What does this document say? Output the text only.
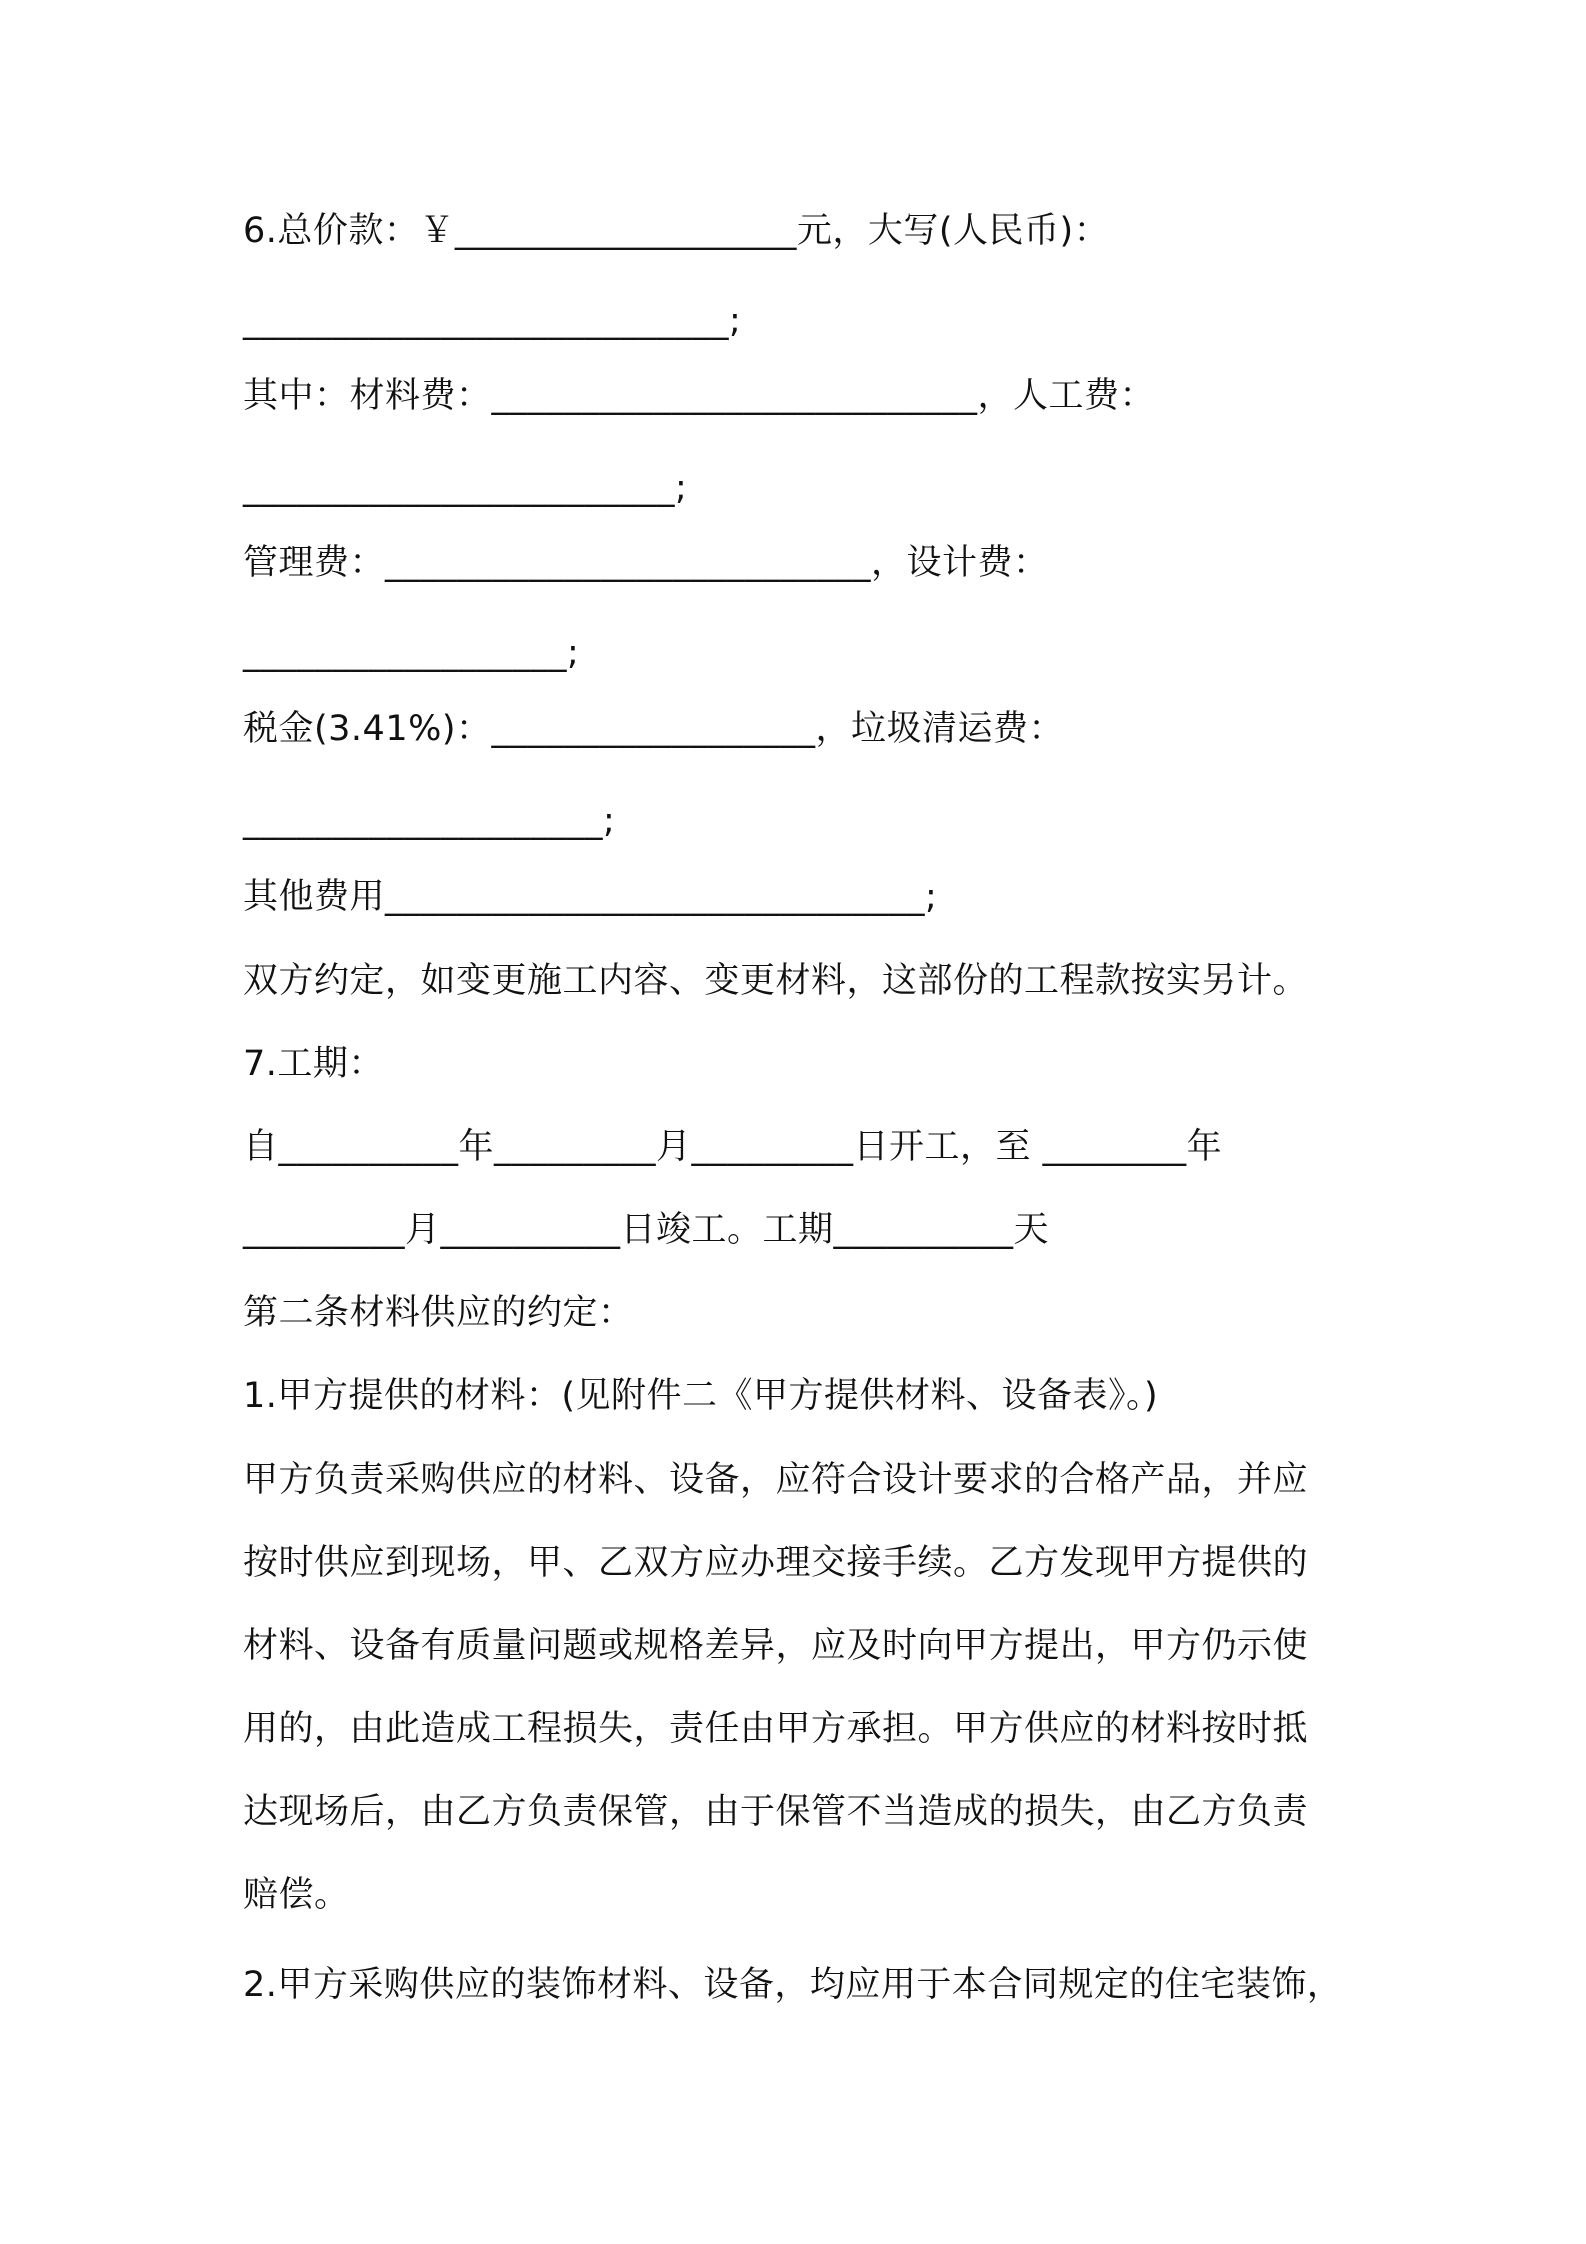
6.总价款：￥___________________元，大写(人民币)：
___________________________;
其中：材料费：___________________________，人工费：
________________________;
管理费：___________________________，设计费：
__________________;
税金(3.41%)：__________________，垃圾清运费：
____________________;
其他费用______________________________;
双方约定，如变更施工内容、变更材料，这部份的工程款按实另计。
7.工期：
自__________年_________月_________日开工，至 ________年
_________月__________日竣工。工期__________天
第二条材料供应的约定：
1.甲方提供的材料：(见附件二《甲方提供材料、设备表》。)
甲方负责采购供应的材料、设备，应符合设计要求的合格产品，并应
按时供应到现场，甲、乙双方应办理交接手续。乙方发现甲方提供的
材料、设备有质量问题或规格差异，应及时向甲方提出，甲方仍示使
用的，由此造成工程损失，责任由甲方承担。甲方供应的材料按时抵
达现场后，由乙方负责保管，由于保管不当造成的损失，由乙方负责
赔偿。
2.甲方采购供应的装饰材料、设备，均应用于本合同规定的住宅装饰，
